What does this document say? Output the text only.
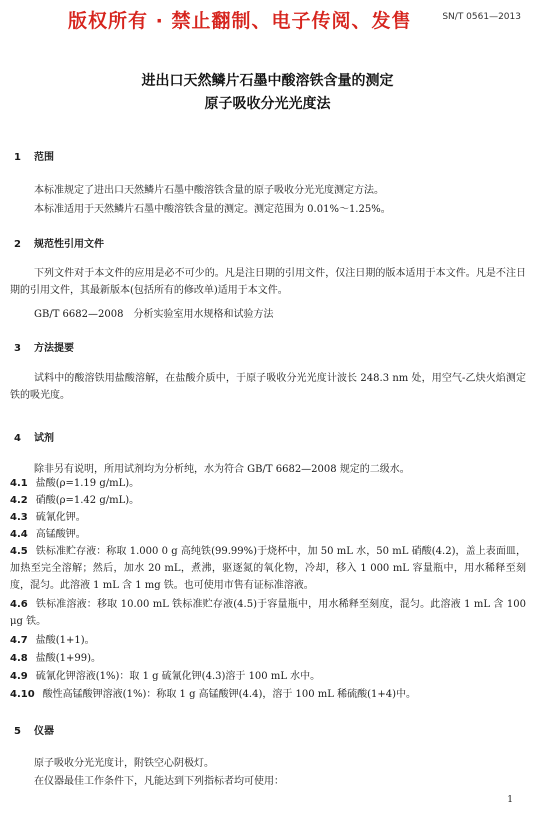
版权所有 · 禁止翻制、电子传阅、发售	SN/T 0561—2013
进出口天然鳞片石墨中酸溶铁含量的测定
原子吸收分光光度法
1 范围
本标准规定了进出口天然鳞片石墨中酸溶铁含量的原子吸收分光光度测定方法。
本标准适用于天然鳞片石墨中酸溶铁含量的测定。测定范围为 0.01%～1.25%。
2 规范性引用文件
下列文件对于本文件的应用是必不可少的。凡是注日期的引用文件，仅注日期的版本适用于本文件。凡是不注日期的引用文件，其最新版本(包括所有的修改单)适用于本文件。
GB/T 6682—2008　分析实验室用水规格和试验方法
3 方法提要
试料中的酸溶铁用盐酸溶解，在盐酸介质中，于原子吸收分光光度计波长 248.3 nm 处，用空气-乙炔火焰测定铁的吸光度。
4 试剂
除非另有说明，所用试剂均为分析纯，水为符合 GB/T 6682—2008 规定的二级水。
4.1 盐酸(ρ=1.19 g/mL)。
4.2 硝酸(ρ=1.42 g/mL)。
4.3 硫氰化钾。
4.4 高锰酸钾。
4.5 铁标准贮存液：称取 1.000 0 g 高纯铁(99.99%)于烧杯中，加 50 mL 水，50 mL 硝酸(4.2)，盖上表面皿，加热至完全溶解；然后，加水 20 mL，煮沸，驱逐氮的氧化物，冷却，移入 1 000 mL 容量瓶中，用水稀释至刻度，混匀。此溶液 1 mL 含 1 mg 铁。也可使用市售有证标准溶液。
4.6 铁标准溶液：移取 10.00 mL 铁标准贮存液(4.5)于容量瓶中，用水稀释至刻度，混匀。此溶液 1 mL 含 100 μg 铁。
4.7 盐酸(1+1)。
4.8 盐酸(1+99)。
4.9 硫氰化钾溶液(1%)：取 1 g 硫氰化钾(4.3)溶于 100 mL 水中。
4.10 酸性高锰酸钾溶液(1%)：称取 1 g 高锰酸钾(4.4)，溶于 100 mL 稀硫酸(1+4)中。
5 仪器
原子吸收分光光度计，附铁空心阴极灯。
在仪器最佳工作条件下，凡能达到下列指标者均可使用：
1
